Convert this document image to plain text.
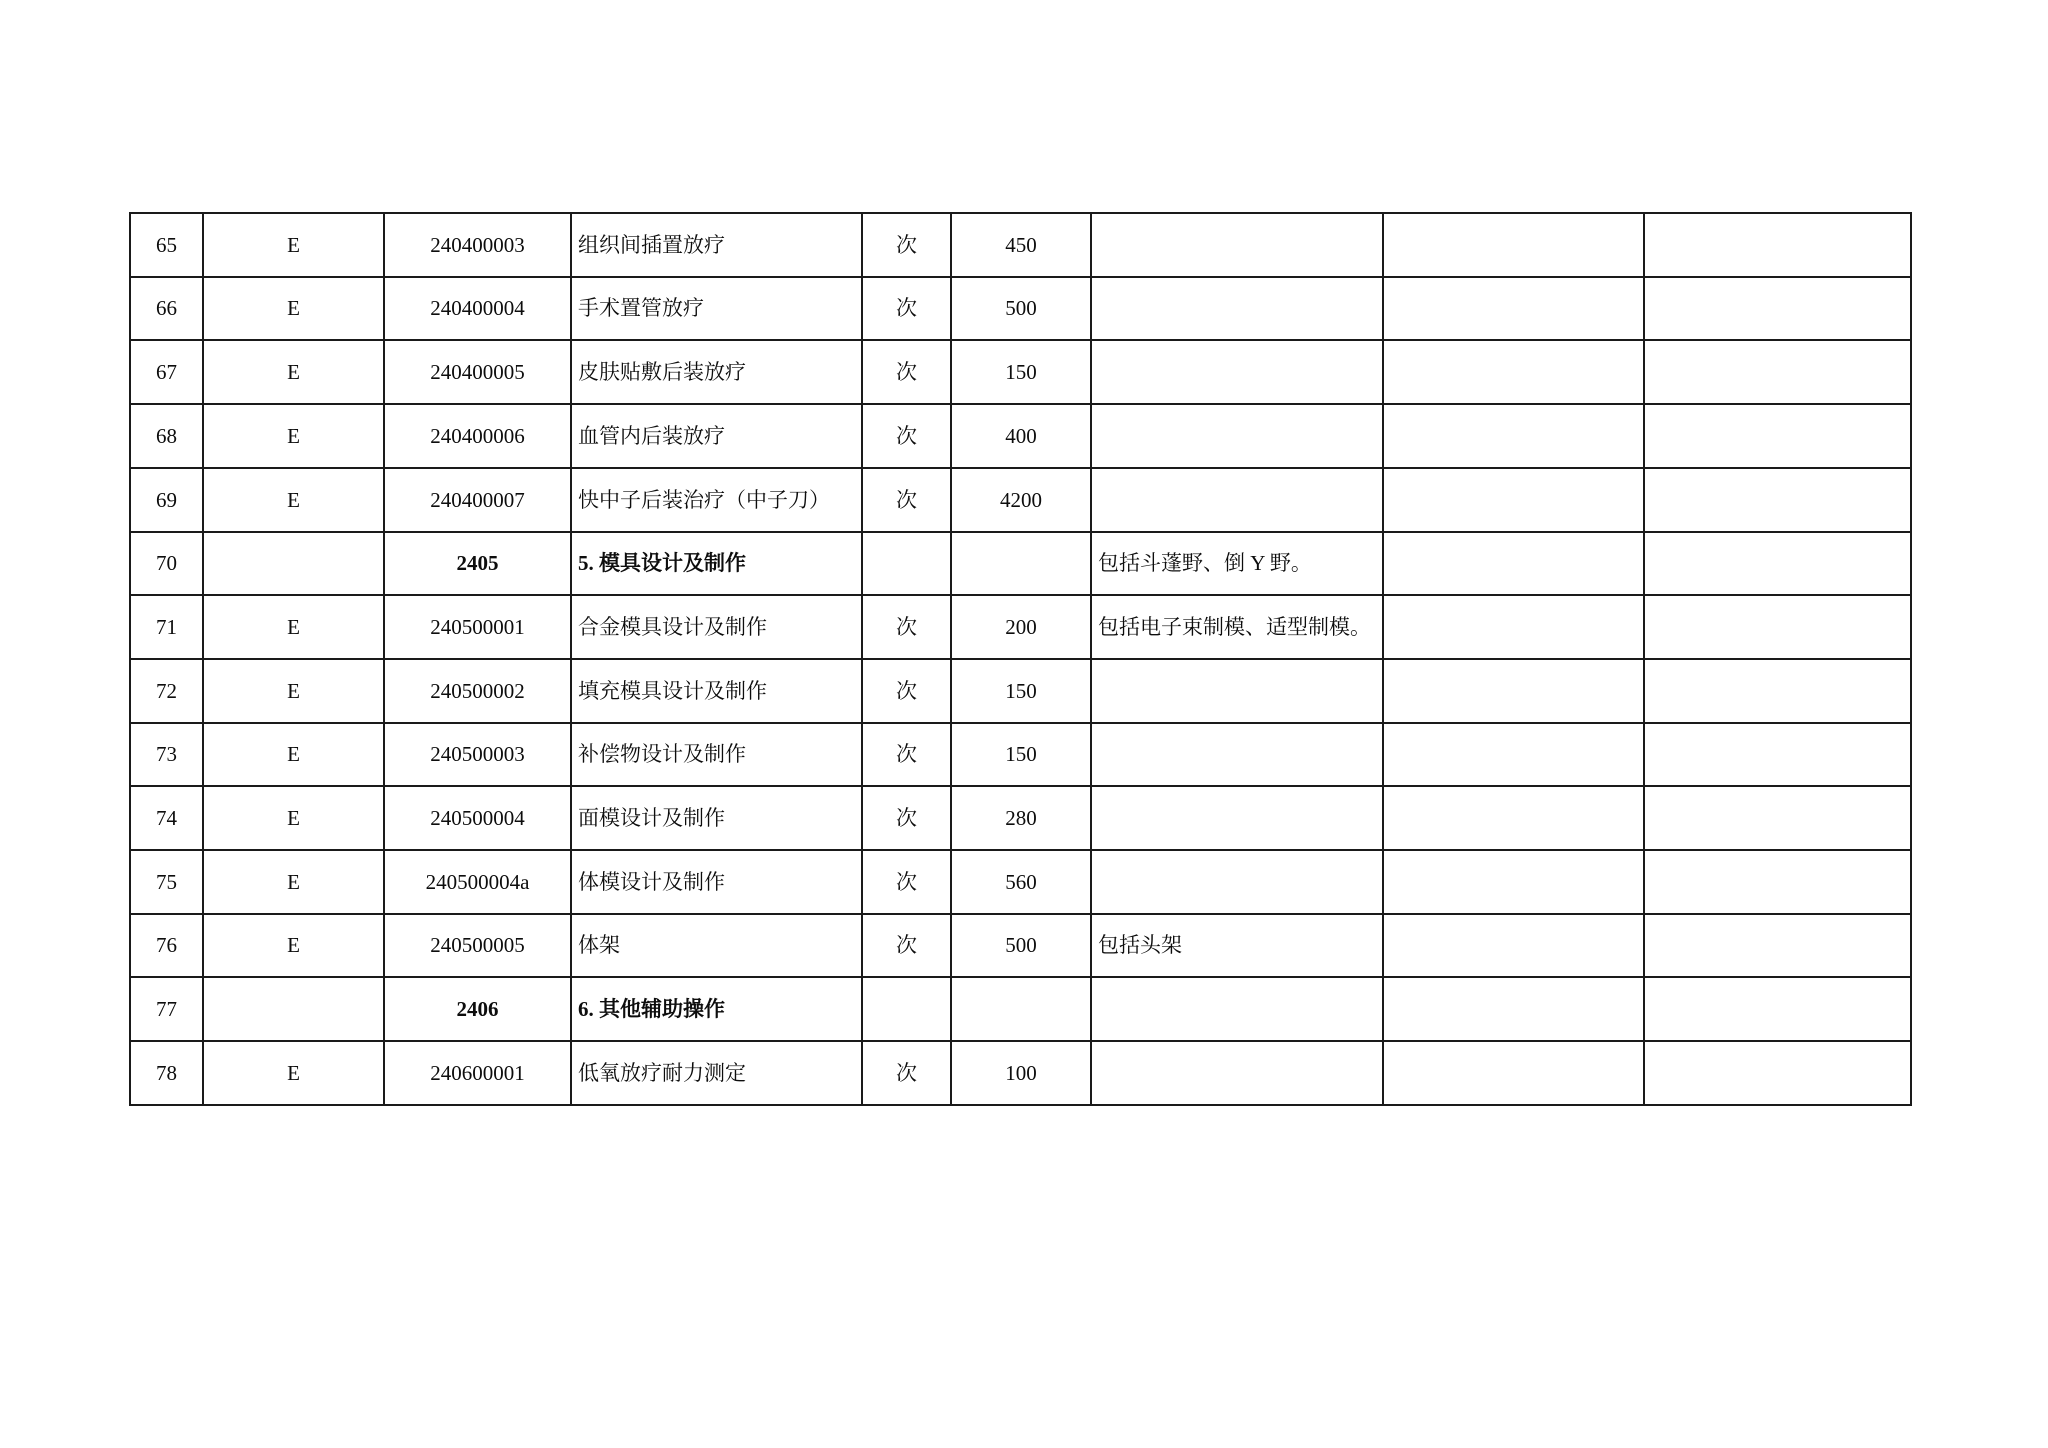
65	E	240400003	组织间插置放疗	次	450			
66	E	240400004	手术置管放疗	次	500			
67	E	240400005	皮肤贴敷后装放疗	次	150			
68	E	240400006	血管内后装放疗	次	400			
69	E	240400007	快中子后装治疗（中子刀）	次	4200			
70		2405	5. 模具设计及制作			包括斗蓬野、倒 Y 野。		
71	E	240500001	合金模具设计及制作	次	200	包括电子束制模、适型制模。		
72	E	240500002	填充模具设计及制作	次	150			
73	E	240500003	补偿物设计及制作	次	150			
74	E	240500004	面模设计及制作	次	280			
75	E	240500004a	体模设计及制作	次	560			
76	E	240500005	体架	次	500	包括头架		
77		2406	6. 其他辅助操作					
78	E	240600001	低氧放疗耐力测定	次	100			
